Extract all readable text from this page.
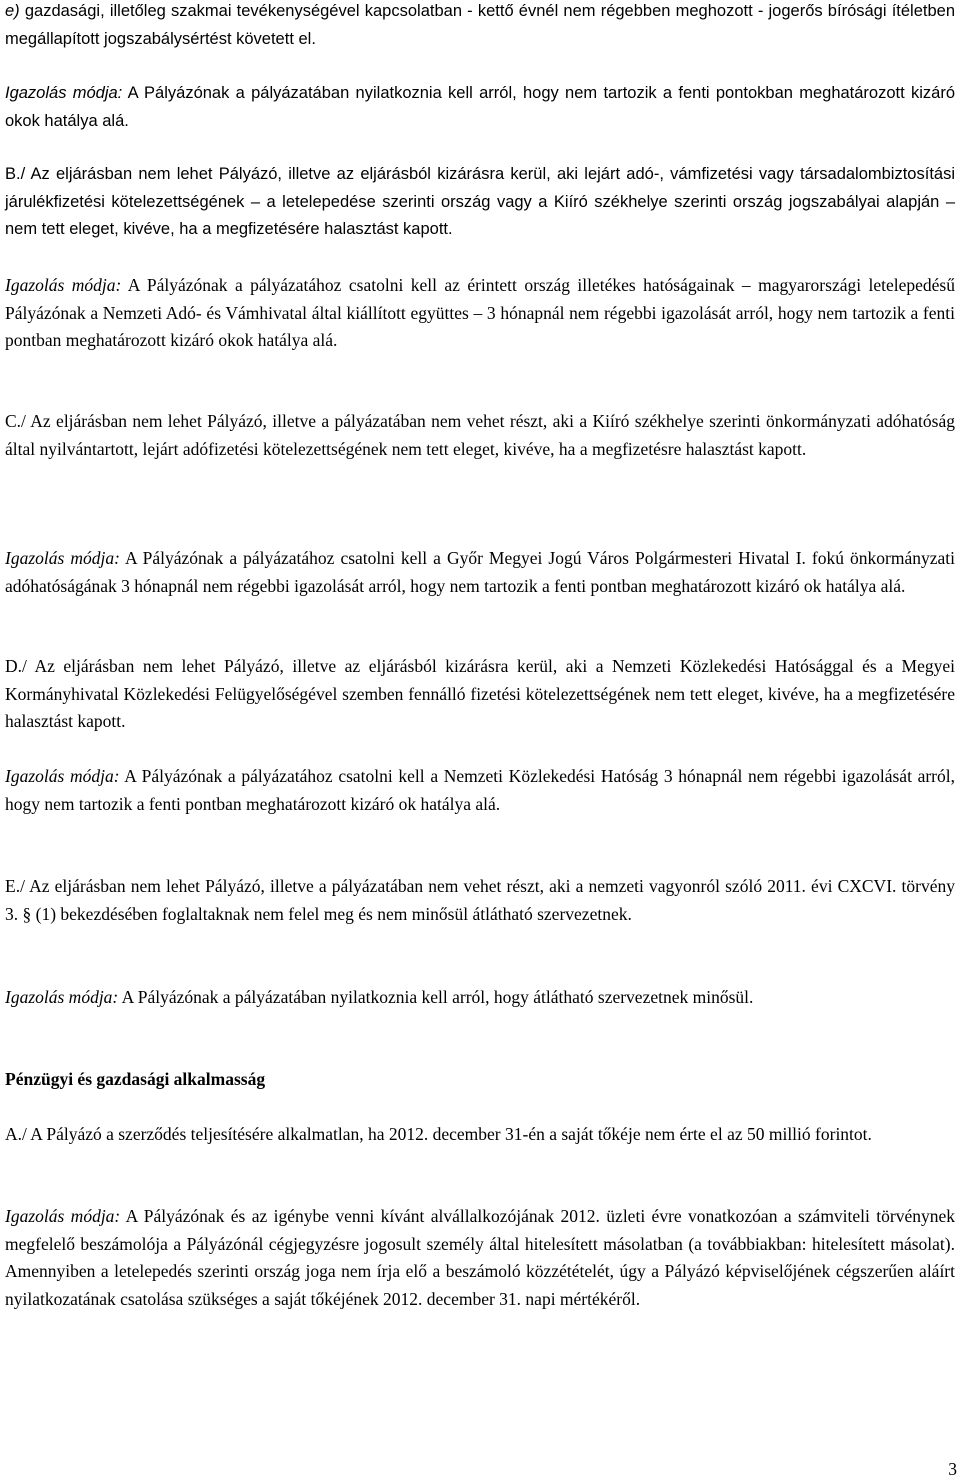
e) gazdasági, illetőleg szakmai tevékenységével kapcsolatban - kettő évnél nem régebben meghozott - jogerős bírósági ítéletben megállapított jogszabálysértést követett el.

Igazolás módja: A Pályázónak a pályázatában nyilatkoznia kell arról, hogy nem tartozik a fenti pontokban meghatározott kizáró okok hatálya alá.

B./ Az eljárásban nem lehet Pályázó, illetve az eljárásból kizárásra kerül, aki lejárt adó-, vámfizetési vagy társadalombiztosítási járulékfizetési kötelezettségének – a letelepedése szerinti ország vagy a Kiíró székhelye szerinti ország jogszabályai alapján – nem tett eleget, kivéve, ha a megfizetésére halasztást kapott.

Igazolás módja: A Pályázónak a pályázatához csatolni kell az érintett ország illetékes hatóságainak – magyarországi letelepedésű Pályázónak a Nemzeti Adó- és Vámhivatal által kiállított együttes – 3 hónapnál nem régebbi igazolását arról, hogy nem tartozik a fenti pontban meghatározott kizáró okok hatálya alá.

C./ Az eljárásban nem lehet Pályázó, illetve a pályázatában nem vehet részt, aki a Kiíró székhelye szerinti önkormányzati adóhatóság által nyilvántartott, lejárt adófizetési kötelezettségének nem tett eleget, kivéve, ha a megfizetésre halasztást kapott.

Igazolás módja: A Pályázónak a pályázatához csatolni kell a Győr Megyei Jogú Város Polgármesteri Hivatal I. fokú önkormányzati adóhatóságának 3 hónapnál nem régebbi igazolását arról, hogy nem tartozik a fenti pontban meghatározott kizáró ok hatálya alá.

D./ Az eljárásban nem lehet Pályázó, illetve az eljárásból kizárásra kerül, aki a Nemzeti Közlekedési Hatósággal és a Megyei Kormányhivatal Közlekedési Felügyelőségével szemben fennálló fizetési kötelezettségének nem tett eleget, kivéve, ha a megfizetésére halasztást kapott.

Igazolás módja: A Pályázónak a pályázatához csatolni kell a Nemzeti Közlekedési Hatóság 3 hónapnál nem régebbi igazolását arról, hogy nem tartozik a fenti pontban meghatározott kizáró ok hatálya alá.

E./ Az eljárásban nem lehet Pályázó, illetve a pályázatában nem vehet részt, aki a nemzeti vagyonról szóló 2011. évi CXCVI. törvény 3. § (1) bekezdésében foglaltaknak nem felel meg és nem minősül átlátható szervezetnek.

Igazolás módja: A Pályázónak a pályázatában nyilatkoznia kell arról, hogy átlátható szervezetnek minősül.

Pénzügyi és gazdasági alkalmasság

A./ A Pályázó a szerződés teljesítésére alkalmatlan, ha 2012. december 31-én a saját tőkéje nem érte el az 50 millió forintot.

Igazolás módja: A Pályázónak és az igénybe venni kívánt alvállalkozójának 2012. üzleti évre vonatkozóan a számviteli törvénynek megfelelő beszámolója a Pályázónál cégjegyzésre jogosult személy által hitelesített másolatban (a továbbiakban: hitelesített másolat). Amennyiben a letelepedés szerinti ország joga nem írja elő a beszámoló közzétételét, úgy a Pályázó képviselőjének cégszerűen aláírt nyilatkozatának csatolása szükséges a saját tőkéjének 2012. december 31. napi mértékéről.

3
